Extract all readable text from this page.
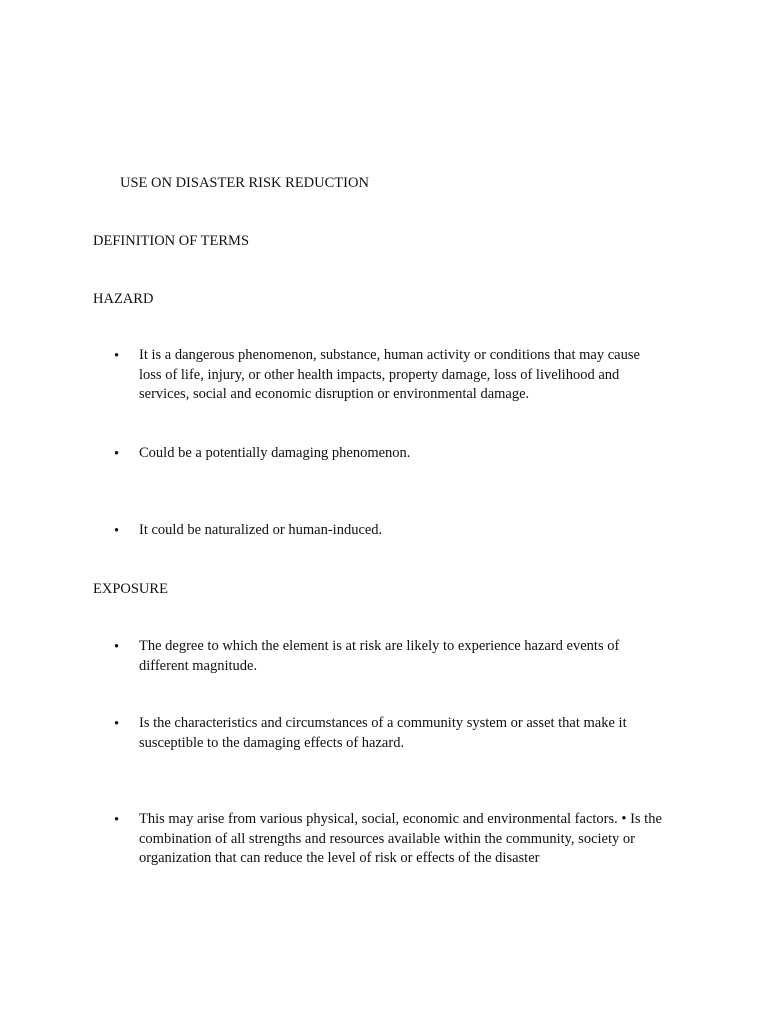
USE ON DISASTER RISK REDUCTION
DEFINITION OF TERMS
HAZARD
• It is a dangerous phenomenon, substance, human activity or conditions that may cause loss of life, injury, or other health impacts, property damage, loss of livelihood and services, social and economic disruption or environmental damage.
• Could be a potentially damaging phenomenon.
• It could be naturalized or human-induced.
EXPOSURE
• The degree to which the element is at risk are likely to experience hazard events of different magnitude.
• Is the characteristics and circumstances of a community system or asset that make it susceptible to the damaging effects of hazard.
• This may arise from various physical, social, economic and environmental factors. • Is the combination of all strengths and resources available within the community, society or organization that can reduce the level of risk or effects of the disaster
